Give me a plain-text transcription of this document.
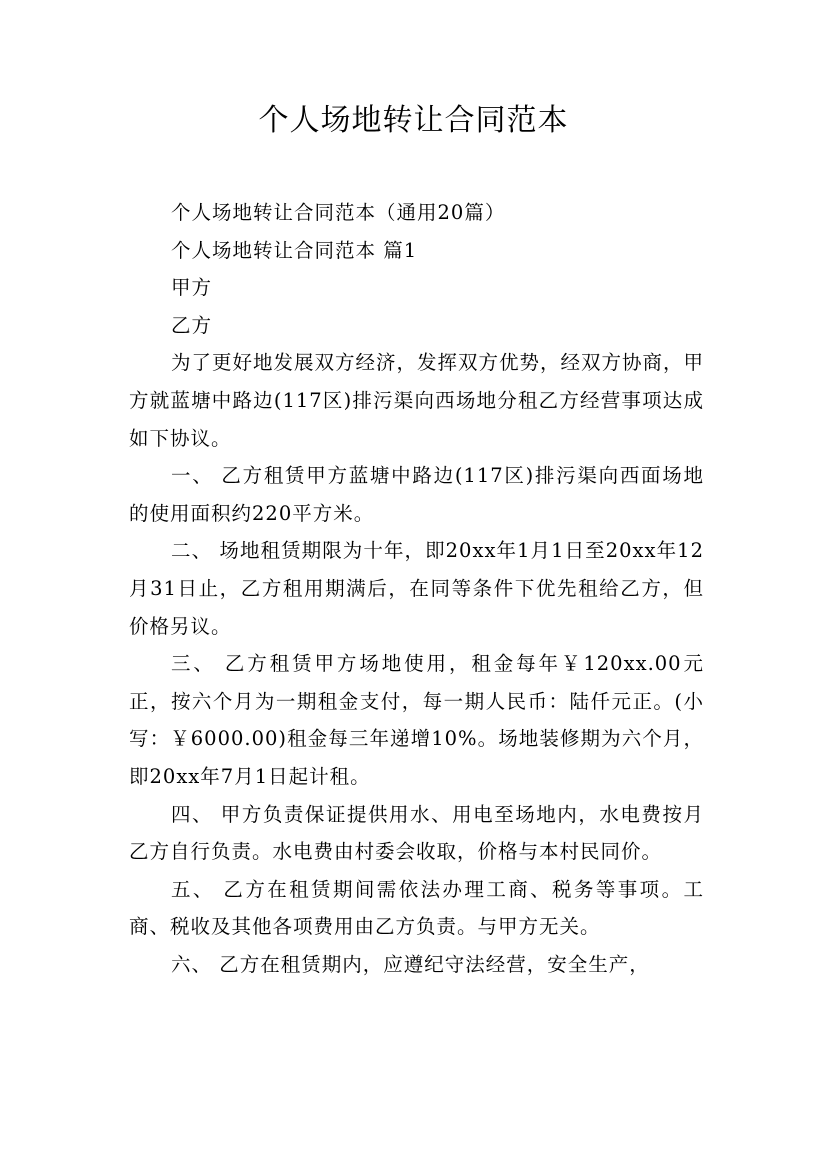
个人场地转让合同范本

个人场地转让合同范本（通用20篇）

个人场地转让合同范本 篇1

甲方

乙方

为了更好地发展双方经济，发挥双方优势，经双方协商，甲方就蓝塘中路边(117区)排污渠向西场地分租乙方经营事项达成如下协议。

一、 乙方租赁甲方蓝塘中路边(117区)排污渠向西面场地的使用面积约220平方米。

二、 场地租赁期限为十年，即20xx年1月1日至20xx年12月31日止，乙方租用期满后，在同等条件下优先租给乙方，但价格另议。

三、 乙方租赁甲方场地使用，租金每年￥120xx.00元正，按六个月为一期租金支付，每一期人民币：陆仟元正。(小写：￥6000.00)租金每三年递增10%。场地装修期为六个月，即20xx年7月1日起计租。

四、 甲方负责保证提供用水、用电至场地内，水电费按月乙方自行负责。水电费由村委会收取，价格与本村民同价。

五、 乙方在租赁期间需依法办理工商、税务等事项。工商、税收及其他各项费用由乙方负责。与甲方无关。

六、 乙方在租赁期内，应遵纪守法经营，安全生产，
